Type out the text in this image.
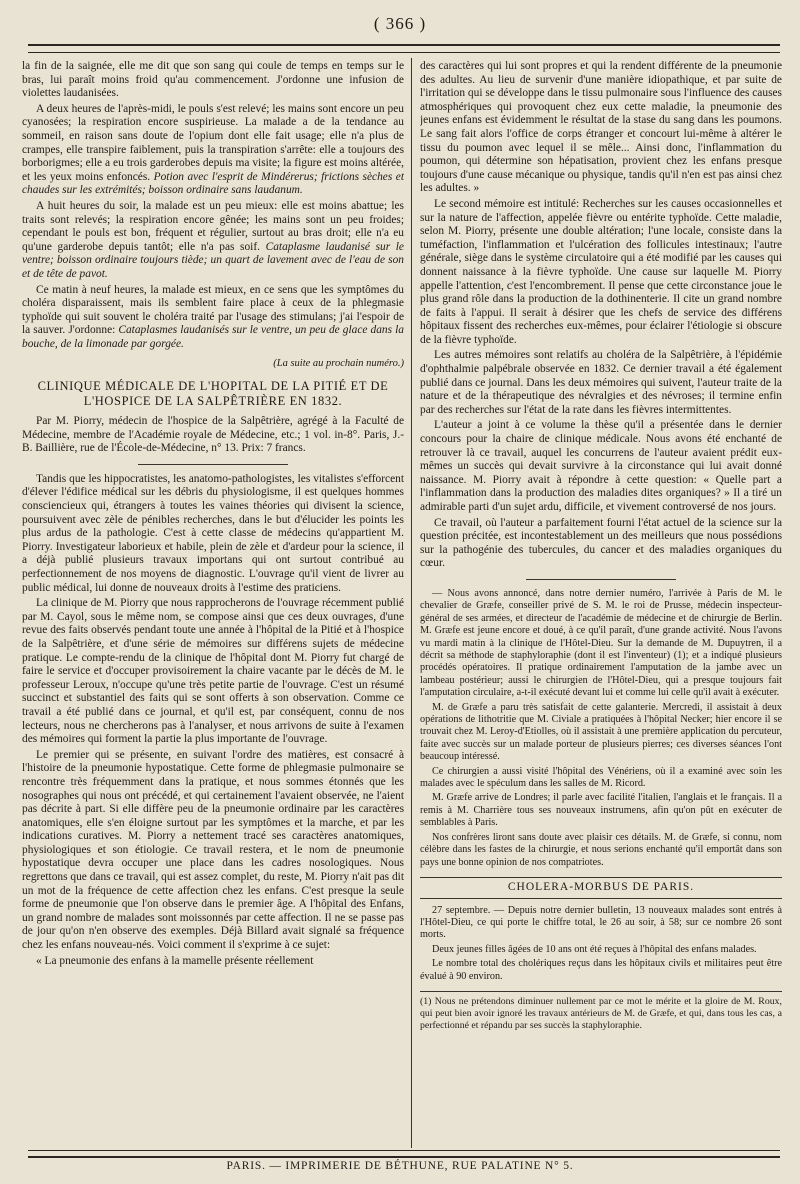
( 366 )

la fin de la saignée, elle me dit que son sang qui coule de temps en temps sur le bras, lui paraît moins froid qu'au commencement. J'ordonne une infusion de violettes laudanisées.

A deux heures de l'après-midi, le pouls s'est relevé; les mains sont encore un peu cyanosées; la respiration encore suspirieuse. La malade a de la tendance au sommeil, en raison sans doute de l'opium dont elle fait usage; elle n'a plus de crampes, elle transpire faiblement, puis la transpiration s'arrête: elle a toujours des borborigmes; elle a eu trois garderobes depuis ma visite; la figure est moins altérée, et les yeux moins enfoncés. Potion avec l'esprit de Mindérerus; frictions sèches et chaudes sur les extrémités; boisson ordinaire sans laudanum.

A huit heures du soir, la malade est un peu mieux: elle est moins abattue; les traits sont relevés; la respiration encore gênée; les mains sont un peu froides; cependant le pouls est bon, fréquent et régulier, surtout au bras droit; elle n'a eu qu'une garderobe depuis tantôt; elle n'a pas soif. Cataplasme laudanisé sur le ventre; boisson ordinaire toujours tiède; un quart de lavement avec de l'eau de son et de tête de pavot.

Ce matin à neuf heures, la malade est mieux, en ce sens que les symptômes du choléra disparaissent, mais ils semblent faire place à ceux de la phlegmasie typhoïde qui suit souvent le choléra traité par l'usage des stimulans; j'ai l'espoir de la sauver. J'ordonne: Cataplasmes laudanisés sur le ventre, un peu de glace dans la bouche, de la limonade par gorgée.

(La suite au prochain numéro.)
CLINIQUE MÉDICALE DE L'HOPITAL DE LA PITIÉ ET DE L'HOSPICE DE LA SALPÊTRIÈRE EN 1832.

Par M. Piorry, médecin de l'hospice de la Salpêtrière, agrégé à la Faculté de Médecine, membre de l'Académie royale de Médecine, etc.; 1 vol. in-8°. Paris, J.-B. Baillière, rue de l'École-de-Médecine, n° 13. Prix: 7 francs.

Tandis que les hippocratistes, les anatomo-pathologistes, les vitalistes s'efforcent d'élever l'édifice médical sur les débris du physiologisme, il est quelques hommes consciencieux qui, étrangers à toutes les vaines théories qui divisent la science, poursuivent avec zèle de pénibles recherches, dans le but d'élucider les points les plus ardus de la pathologie. C'est à cette classe de médecins qu'appartient M. Piorry. Investigateur laborieux et habile, plein de zèle et d'ardeur pour la science, il a déjà publié plusieurs travaux importans qui ont surtout contribué au perfectionnement de nos moyens de diagnostic. L'ouvrage qu'il vient de livrer au public médical, lui donne de nouveaux droits à l'estime des praticiens.

La clinique de M. Piorry que nous rapprocherons de l'ouvrage récemment publié par M. Cayol, sous le même nom, se compose ainsi que ces deux ouvrages, d'une revue des faits observés pendant toute une année à l'hôpital de la Pitié et à l'hospice de la Salpêtrière, et d'une série de mémoires sur différens sujets de médecine pratique. Le compte-rendu de la clinique de l'hôpital dont M. Piorry fut chargé de faire le service et d'occuper provisoirement la chaire vacante par le décès de M. le professeur Leroux, n'occupe qu'une très petite partie de l'ouvrage. C'est un résumé succinct et substantiel des faits qui se sont offerts à son observation. Comme ce travail a été publié dans ce journal, et qu'il est, par conséquent, connu de nos lecteurs, nous ne chercherons pas à l'analyser, et nous arrivons de suite à l'examen des mémoires qui forment la partie la plus importante de l'ouvrage.

Le premier qui se présente, en suivant l'ordre des matières, est consacré à l'histoire de la pneumonie hypostatique. Cette forme de phlegmasie pulmonaire se rencontre très fréquemment dans la pratique, et nous sommes étonnés que les nosographes qui nous ont précédé, et qui certainement l'avaient observée, ne l'aient pas décrite à part. Si elle diffère peu de la pneumonie ordinaire par les caractères anatomiques, elle s'en éloigne surtout par les symptômes et la marche, et par les indications curatives. M. Piorry a nettement tracé ses caractères anatomiques, physiologiques et son étiologie. Ce travail restera, et le nom de pneumonie hypostatique devra occuper une place dans les cadres nosologiques. Nous regrettons que dans ce travail, qui est assez complet, du reste, M. Piorry n'ait pas dit un mot de la fréquence de cette affection chez les enfans. C'est presque la seule forme de pneumonie que l'on observe dans le premier âge. A l'hôpital des Enfans, un grand nombre de malades sont moissonnés par cette affection. Il ne se passe pas de jour qu'on n'en observe des exemples. Déjà Billard avait signalé sa fréquence chez les enfans nouveau-nés. Voici comment il s'exprime à ce sujet:

« La pneumonie des enfans à la mamelle présente réellement

des caractères qui lui sont propres et qui la rendent différente de la pneumonie des adultes. Au lieu de survenir d'une manière idiopathique, et par suite de l'irritation qui se développe dans le tissu pulmonaire sous l'influence des causes atmosphériques qui provoquent chez eux cette maladie, la pneumonie des jeunes enfans est évidemment le résultat de la stase du sang dans les poumons. Le sang fait alors l'office de corps étranger et concourt lui-même à altérer le tissu du poumon avec lequel il se mêle... Ainsi donc, l'inflammation du poumon, qui détermine son hépatisation, provient chez les enfans presque toujours d'une cause mécanique ou physique, tandis qu'il n'en est pas ainsi chez les adultes. »

Le second mémoire est intitulé: Recherches sur les causes occasionnelles et sur la nature de l'affection, appelée fièvre ou entérite typhoïde. Cette maladie, selon M. Piorry, présente une double altération; l'une locale, consiste dans la tuméfaction, l'inflammation et l'ulcération des follicules intestinaux; l'autre générale, siège dans le système circulatoire qui a été modifié par les causes qui donnent naissance à la fièvre typhoïde. Une cause sur laquelle M. Piorry appelle l'attention, c'est l'encombrement. Il pense que cette circonstance joue le plus grand rôle dans la production de la dothinenterie. Il cite un grand nombre de faits à l'appui. Il serait à désirer que les chefs de service des différens hôpitaux fissent des recherches eux-mêmes, pour éclairer l'étiologie si obscure de la fièvre typhoïde.

Les autres mémoires sont relatifs au choléra de la Salpêtrière, à l'épidémie d'ophthalmie palpébrale observée en 1832. Ce dernier travail a été également publié dans ce journal. Dans les deux mémoires qui suivent, l'auteur traite de la nature et de la thérapeutique des névralgies et des névroses; il termine enfin par des recherches sur l'état de la rate dans les fièvres intermittentes.

L'auteur a joint à ce volume la thèse qu'il a présentée dans le dernier concours pour la chaire de clinique médicale. Nous avons été enchanté de retrouver là ce travail, auquel les concurrens de l'auteur avaient prédit eux-mêmes un succès qui devait survivre à la circonstance qui lui avait donné naissance. M. Piorry avait à répondre à cette question: « Quelle part a l'inflammation dans la production des maladies dites organiques? » Il a tiré un admirable parti d'un sujet ardu, difficile, et vivement controversé de nos jours.

Ce travail, où l'auteur a parfaitement fourni l'état actuel de la science sur la question précitée, est incontestablement un des meilleurs que nous possédions sur la pathogénie des tubercules, du cancer et des maladies organiques du cœur.

— Nous avons annoncé, dans notre dernier numéro, l'arrivée à Paris de M. le chevalier de Græfe, conseiller privé de S. M. le roi de Prusse, médecin inspecteur-général de ses armées, et directeur de l'académie de médecine et de chirurgie de Berlin. M. Græfe est jeune encore et doué, à ce qu'il paraît, d'une grande activité. Nous l'avons vu mardi matin à la clinique de l'Hôtel-Dieu. Sur la demande de M. Dupuytren, il a décrit sa méthode de staphyloraphie (dont il est l'inventeur) (1); et a indiqué plusieurs procédés opératoires. Il pratique ordinairement l'amputation de la jambe avec un lambeau postérieur; aussi le chirurgien de l'Hôtel-Dieu, qui a presque toujours fait l'amputation circulaire, a-t-il exécuté devant lui et comme lui celle qu'il avait à exécuter.

M. de Græfe a paru très satisfait de cette galanterie. Mercredi, il assistait à deux opérations de lithotritie que M. Civiale a pratiquées à l'hôpital Necker; hier encore il se trouvait chez M. Leroy-d'Etiolles, où il assistait à une première application du percuteur, faite avec succès sur un malade porteur de plusieurs pierres; ces diverses séances l'ont beaucoup intéressé.

Ce chirurgien a aussi visité l'hôpital des Vénériens, où il a examiné avec soin les malades avec le spéculum dans les salles de M. Ricord.

M. Græfe arrive de Londres; il parle avec facilité l'italien, l'anglais et le français. Il a remis à M. Charrière tous ses nouveaux instrumens, afin qu'on pût en exécuter de semblables à Paris.

Nos confrères liront sans doute avec plaisir ces détails. M. de Græfe, si connu, nom célèbre dans les fastes de la chirurgie, et nous serions enchanté qu'il emportât dans son pays une bonne opinion de nos compatriotes.

CHOLERA-MORBUS DE PARIS.

27 septembre. — Depuis notre dernier bulletin, 13 nouveaux malades sont entrés à l'Hôtel-Dieu, ce qui porte le chiffre total, le 26 au soir, à 58; sur ce nombre 26 sont morts.

Deux jeunes filles âgées de 10 ans ont été reçues à l'hôpital des enfans malades.

Le nombre total des cholériques reçus dans les hôpitaux civils et militaires peut être évalué à 90 environ.

(1) Nous ne prétendons diminuer nullement par ce mot le mérite et la gloire de M. Roux, qui peut bien avoir ignoré les travaux antérieurs de M. de Græfe, et qui, dans tous les cas, a perfectionné et répandu par ses succès la staphyloraphie.
PARIS. — IMPRIMERIE DE BÉTHUNE, RUE PALATINE N° 5.
